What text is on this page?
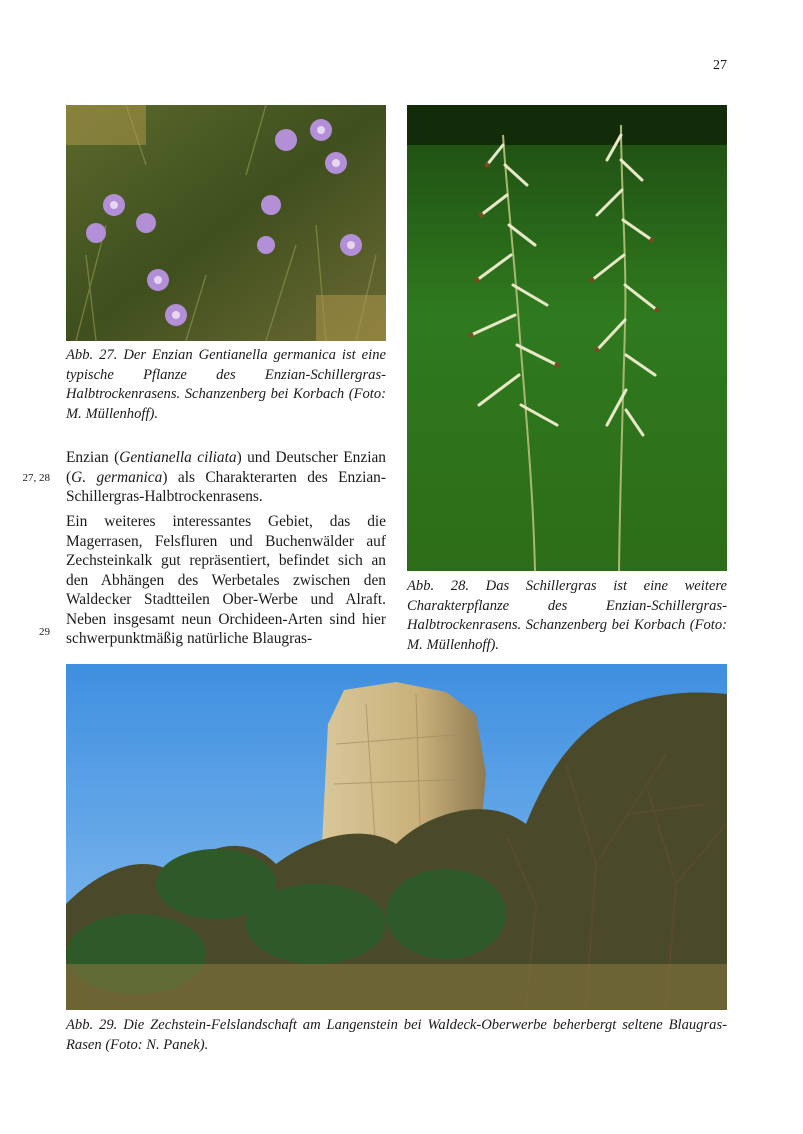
27

Abb. 27. Der Enzian Gentianella germanica ist eine typische Pflanze des Enzian-Schillergras-Halbtrockenrasens. Schanzenberg bei Korbach (Foto: M. Müllenhoff).

Abb. 28. Das Schillergras ist eine weitere Charakterpflanze des Enzian-Schillergras-Halbtrockenrasens. Schanzenberg bei Korbach (Foto: M. Müllenhoff).

Enzian (Gentianella ciliata) und Deutscher Enzian (G. germanica) als Charakterarten des Enzian-Schillergras-Halbtrockenrasens.

27, 28

Ein weiteres interessantes Gebiet, das die Magerrasen, Felsfluren und Buchenwälder auf Zechsteinkalk gut repräsentiert, befindet sich an den Abhängen des Werbetales zwischen den Waldecker Stadtteilen Ober-Werbe und Alraft. Neben insgesamt neun Orchideen-Arten sind hier schwerpunktmäßig natürliche Blaugras-

29

Abb. 29. Die Zechstein-Felslandschaft am Langenstein bei Waldeck-Oberwerbe beherbergt seltene Blaugras-Rasen (Foto: N. Panek).
